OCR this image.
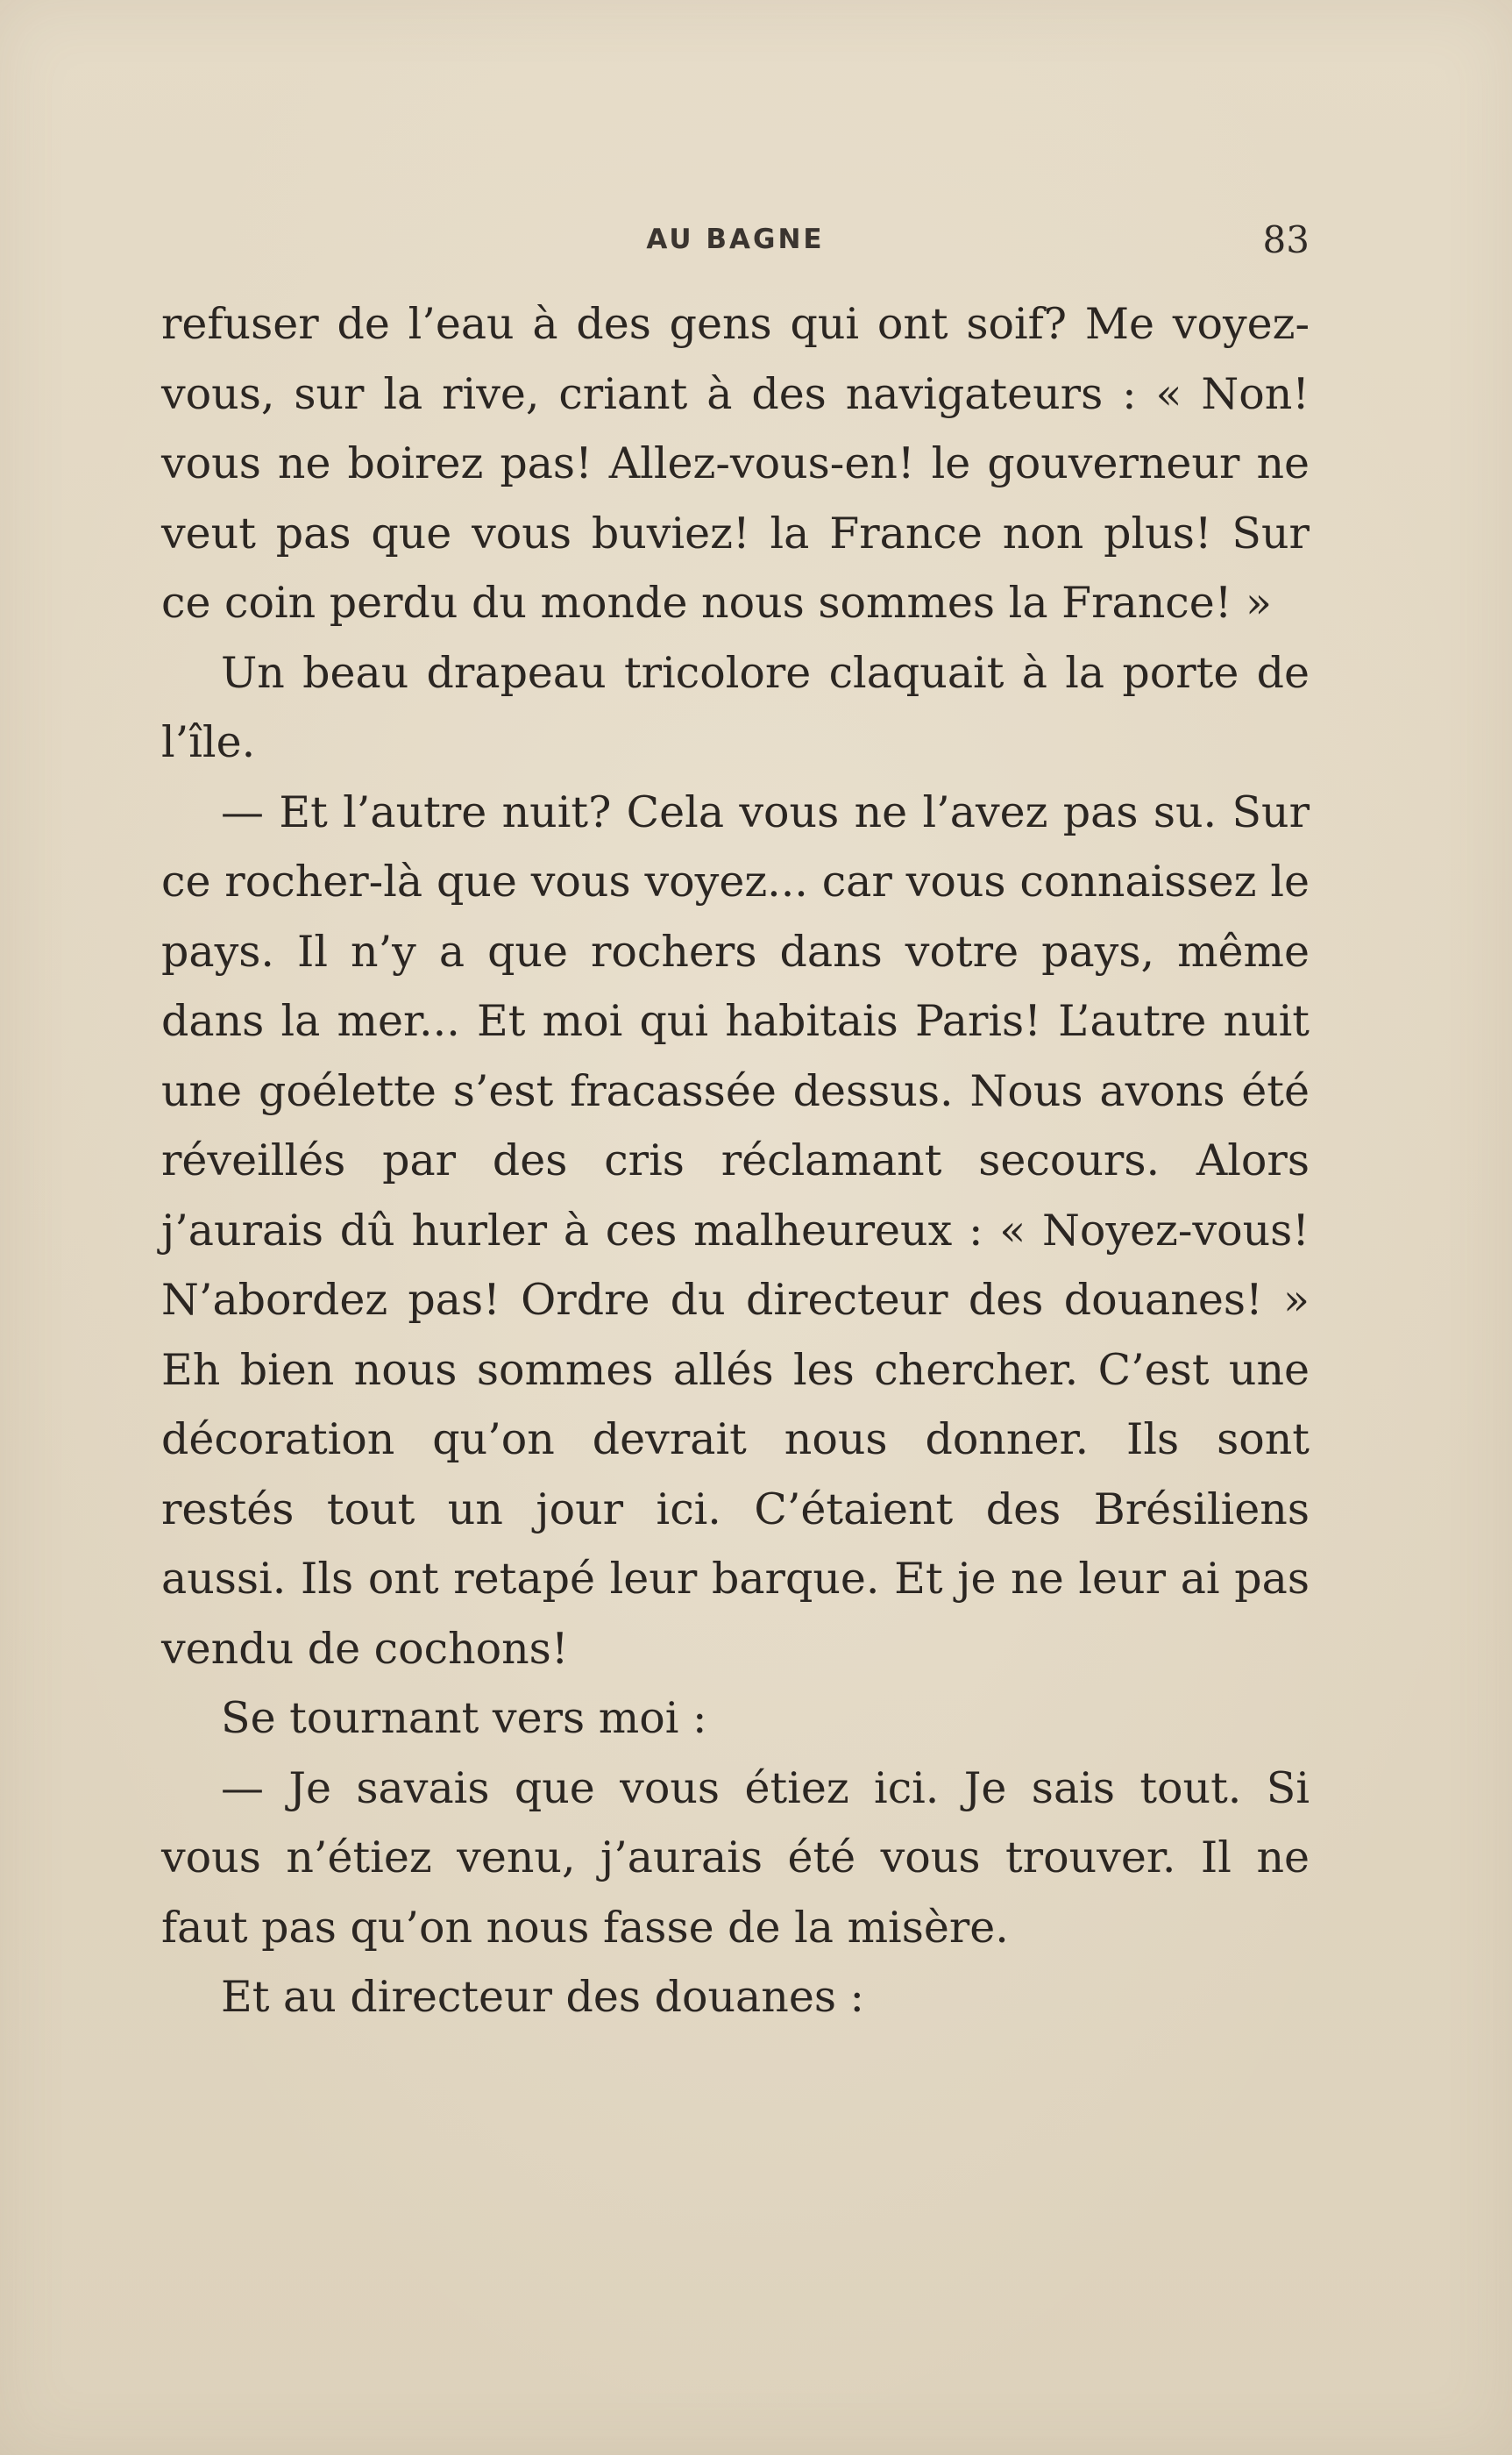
AU BAGNE	83

refuser de l’eau à des gens qui ont soif? Me voyez-vous, sur la rive, criant à des navigateurs : « Non! vous ne boirez pas! Allez-vous-en! le gouverneur ne veut pas que vous buviez! la France non plus! Sur ce coin perdu du monde nous sommes la France! »

Un beau drapeau tricolore claquait à la porte de l’île.

— Et l’autre nuit? Cela vous ne l’avez pas su. Sur ce rocher-là que vous voyez... car vous connaissez le pays. Il n’y a que rochers dans votre pays, même dans la mer... Et moi qui habitais Paris! L’autre nuit une goélette s’est fracassée dessus. Nous avons été réveillés par des cris réclamant secours. Alors j’aurais dû hurler à ces malheureux : « Noyez-vous! N’abordez pas! Ordre du directeur des douanes! » Eh bien nous sommes allés les chercher. C’est une décoration qu’on devrait nous donner. Ils sont restés tout un jour ici. C’étaient des Brésiliens aussi. Ils ont retapé leur barque. Et je ne leur ai pas vendu de cochons!

Se tournant vers moi :

— Je savais que vous étiez ici. Je sais tout. Si vous n’étiez venu, j’aurais été vous trouver. Il ne faut pas qu’on nous fasse de la misère.

Et au directeur des douanes :
